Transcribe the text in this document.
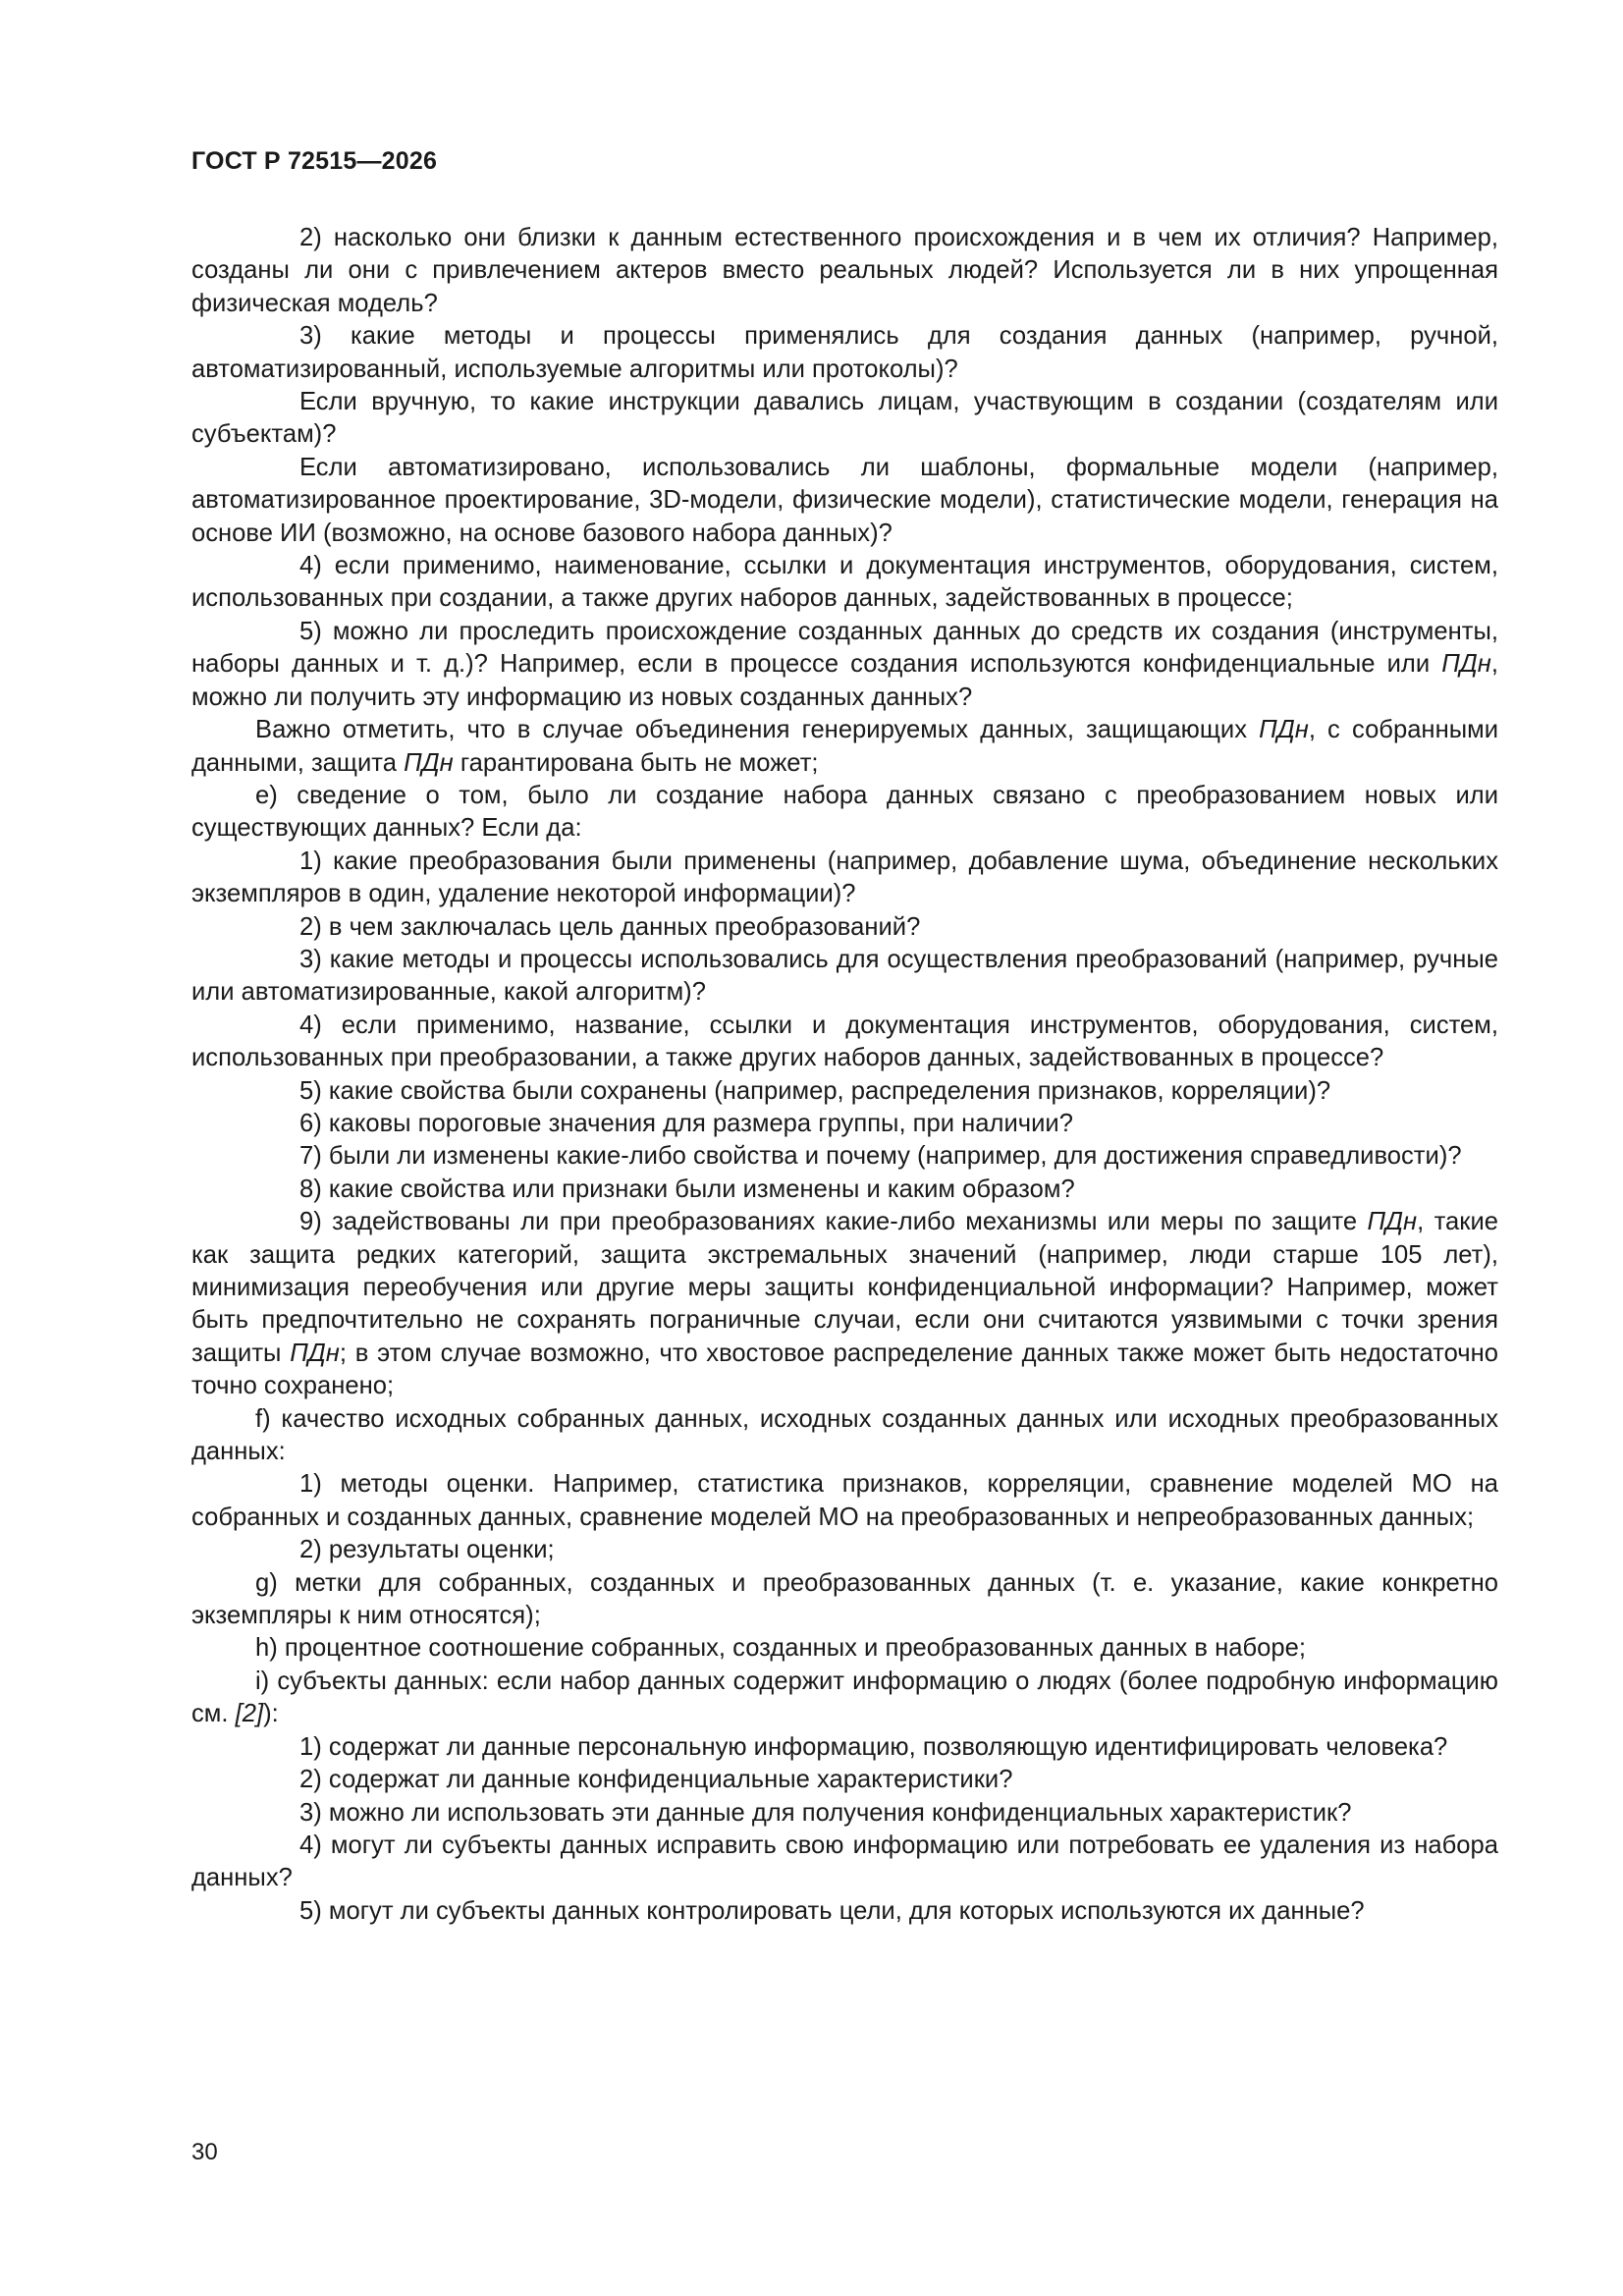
ГОСТ Р 72515—2026

2) насколько они близки к данным естественного происхождения и в чем их отличия? Например, созданы ли они с привлечением актеров вместо реальных людей? Используется ли в них упрощенная физическая модель?

3) какие методы и процессы применялись для создания данных (например, ручной, автоматизированный, используемые алгоритмы или протоколы)?

Если вручную, то какие инструкции давались лицам, участвующим в создании (создателям или субъектам)?

Если автоматизировано, использовались ли шаблоны, формальные модели (например, автоматизированное проектирование, 3D-модели, физические модели), статистические модели, генерация на основе ИИ (возможно, на основе базового набора данных)?

4) если применимо, наименование, ссылки и документация инструментов, оборудования, систем, использованных при создании, а также других наборов данных, задействованных в процессе;

5) можно ли проследить происхождение созданных данных до средств их создания (инструменты, наборы данных и т. д.)? Например, если в процессе создания используются конфиденциальные или ПДн, можно ли получить эту информацию из новых созданных данных?

Важно отметить, что в случае объединения генерируемых данных, защищающих ПДн, с собранными данными, защита ПДн гарантирована быть не может;

е) сведение о том, было ли создание набора данных связано с преобразованием новых или существующих данных? Если да:

1) какие преобразования были применены (например, добавление шума, объединение нескольких экземпляров в один, удаление некоторой информации)?

2) в чем заключалась цель данных преобразований?

3) какие методы и процессы использовались для осуществления преобразований (например, ручные или автоматизированные, какой алгоритм)?

4) если применимо, название, ссылки и документация инструментов, оборудования, систем, использованных при преобразовании, а также других наборов данных, задействованных в процессе?

5) какие свойства были сохранены (например, распределения признаков, корреляции)?

6) каковы пороговые значения для размера группы, при наличии?

7) были ли изменены какие-либо свойства и почему (например, для достижения справедливости)?

8) какие свойства или признаки были изменены и каким образом?

9) задействованы ли при преобразованиях какие-либо механизмы или меры по защите ПДн, такие как защита редких категорий, защита экстремальных значений (например, люди старше 105 лет), минимизация переобучения или другие меры защиты конфиденциальной информации? Например, может быть предпочтительно не сохранять пограничные случаи, если они считаются уязвимыми с точки зрения защиты ПДн; в этом случае возможно, что хвостовое распределение данных также может быть недостаточно точно сохранено;

f) качество исходных собранных данных, исходных созданных данных или исходных преобразованных данных:

1) методы оценки. Например, статистика признаков, корреляции, сравнение моделей МО на собранных и созданных данных, сравнение моделей МО на преобразованных и непреобразованных данных;

2) результаты оценки;

g) метки для собранных, созданных и преобразованных данных (т. е. указание, какие конкретно экземпляры к ним относятся);

h) процентное соотношение собранных, созданных и преобразованных данных в наборе;

i) субъекты данных: если набор данных содержит информацию о людях (более подробную информацию см. [2]):

1) содержат ли данные персональную информацию, позволяющую идентифицировать человека?

2) содержат ли данные конфиденциальные характеристики?

3) можно ли использовать эти данные для получения конфиденциальных характеристик?

4) могут ли субъекты данных исправить свою информацию или потребовать ее удаления из набора данных?

5) могут ли субъекты данных контролировать цели, для которых используются их данные?

30
